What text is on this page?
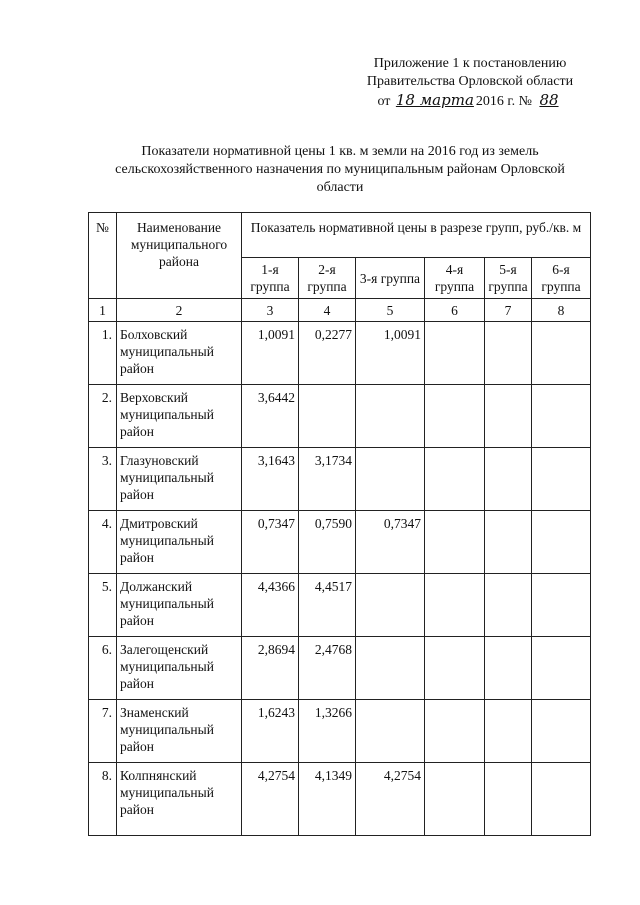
Приложение 1 к постановлению
Правительства Орловской области
от 18 марта 2016 г. № 88
Показатели нормативной цены 1 кв. м земли на 2016 год из земель сельскохозяйственного назначения по муниципальным районам Орловской области
№	Наименование муниципального района	Показатель нормативной цены в разрезе групп, руб./кв. м					
		1-я группа	2-я группа	3-я группа	4-я группа	5-я группа	6-я группа
1	2	3	4	5	6	7	8
1.	Болховский муниципальный район	1,0091	0,2277	1,0091			
2.	Верховский муниципальный район	3,6442					
3.	Глазуновский муниципальный район	3,1643	3,1734				
4.	Дмитровский муниципальный район	0,7347	0,7590	0,7347			
5.	Должанский муниципальный район	4,4366	4,4517				
6.	Залегощенский муниципальный район	2,8694	2,4768				
7.	Знаменский муниципальный район	1,6243	1,3266				
8.	Колпнянский муниципальный район	4,2754	4,1349	4,2754			
